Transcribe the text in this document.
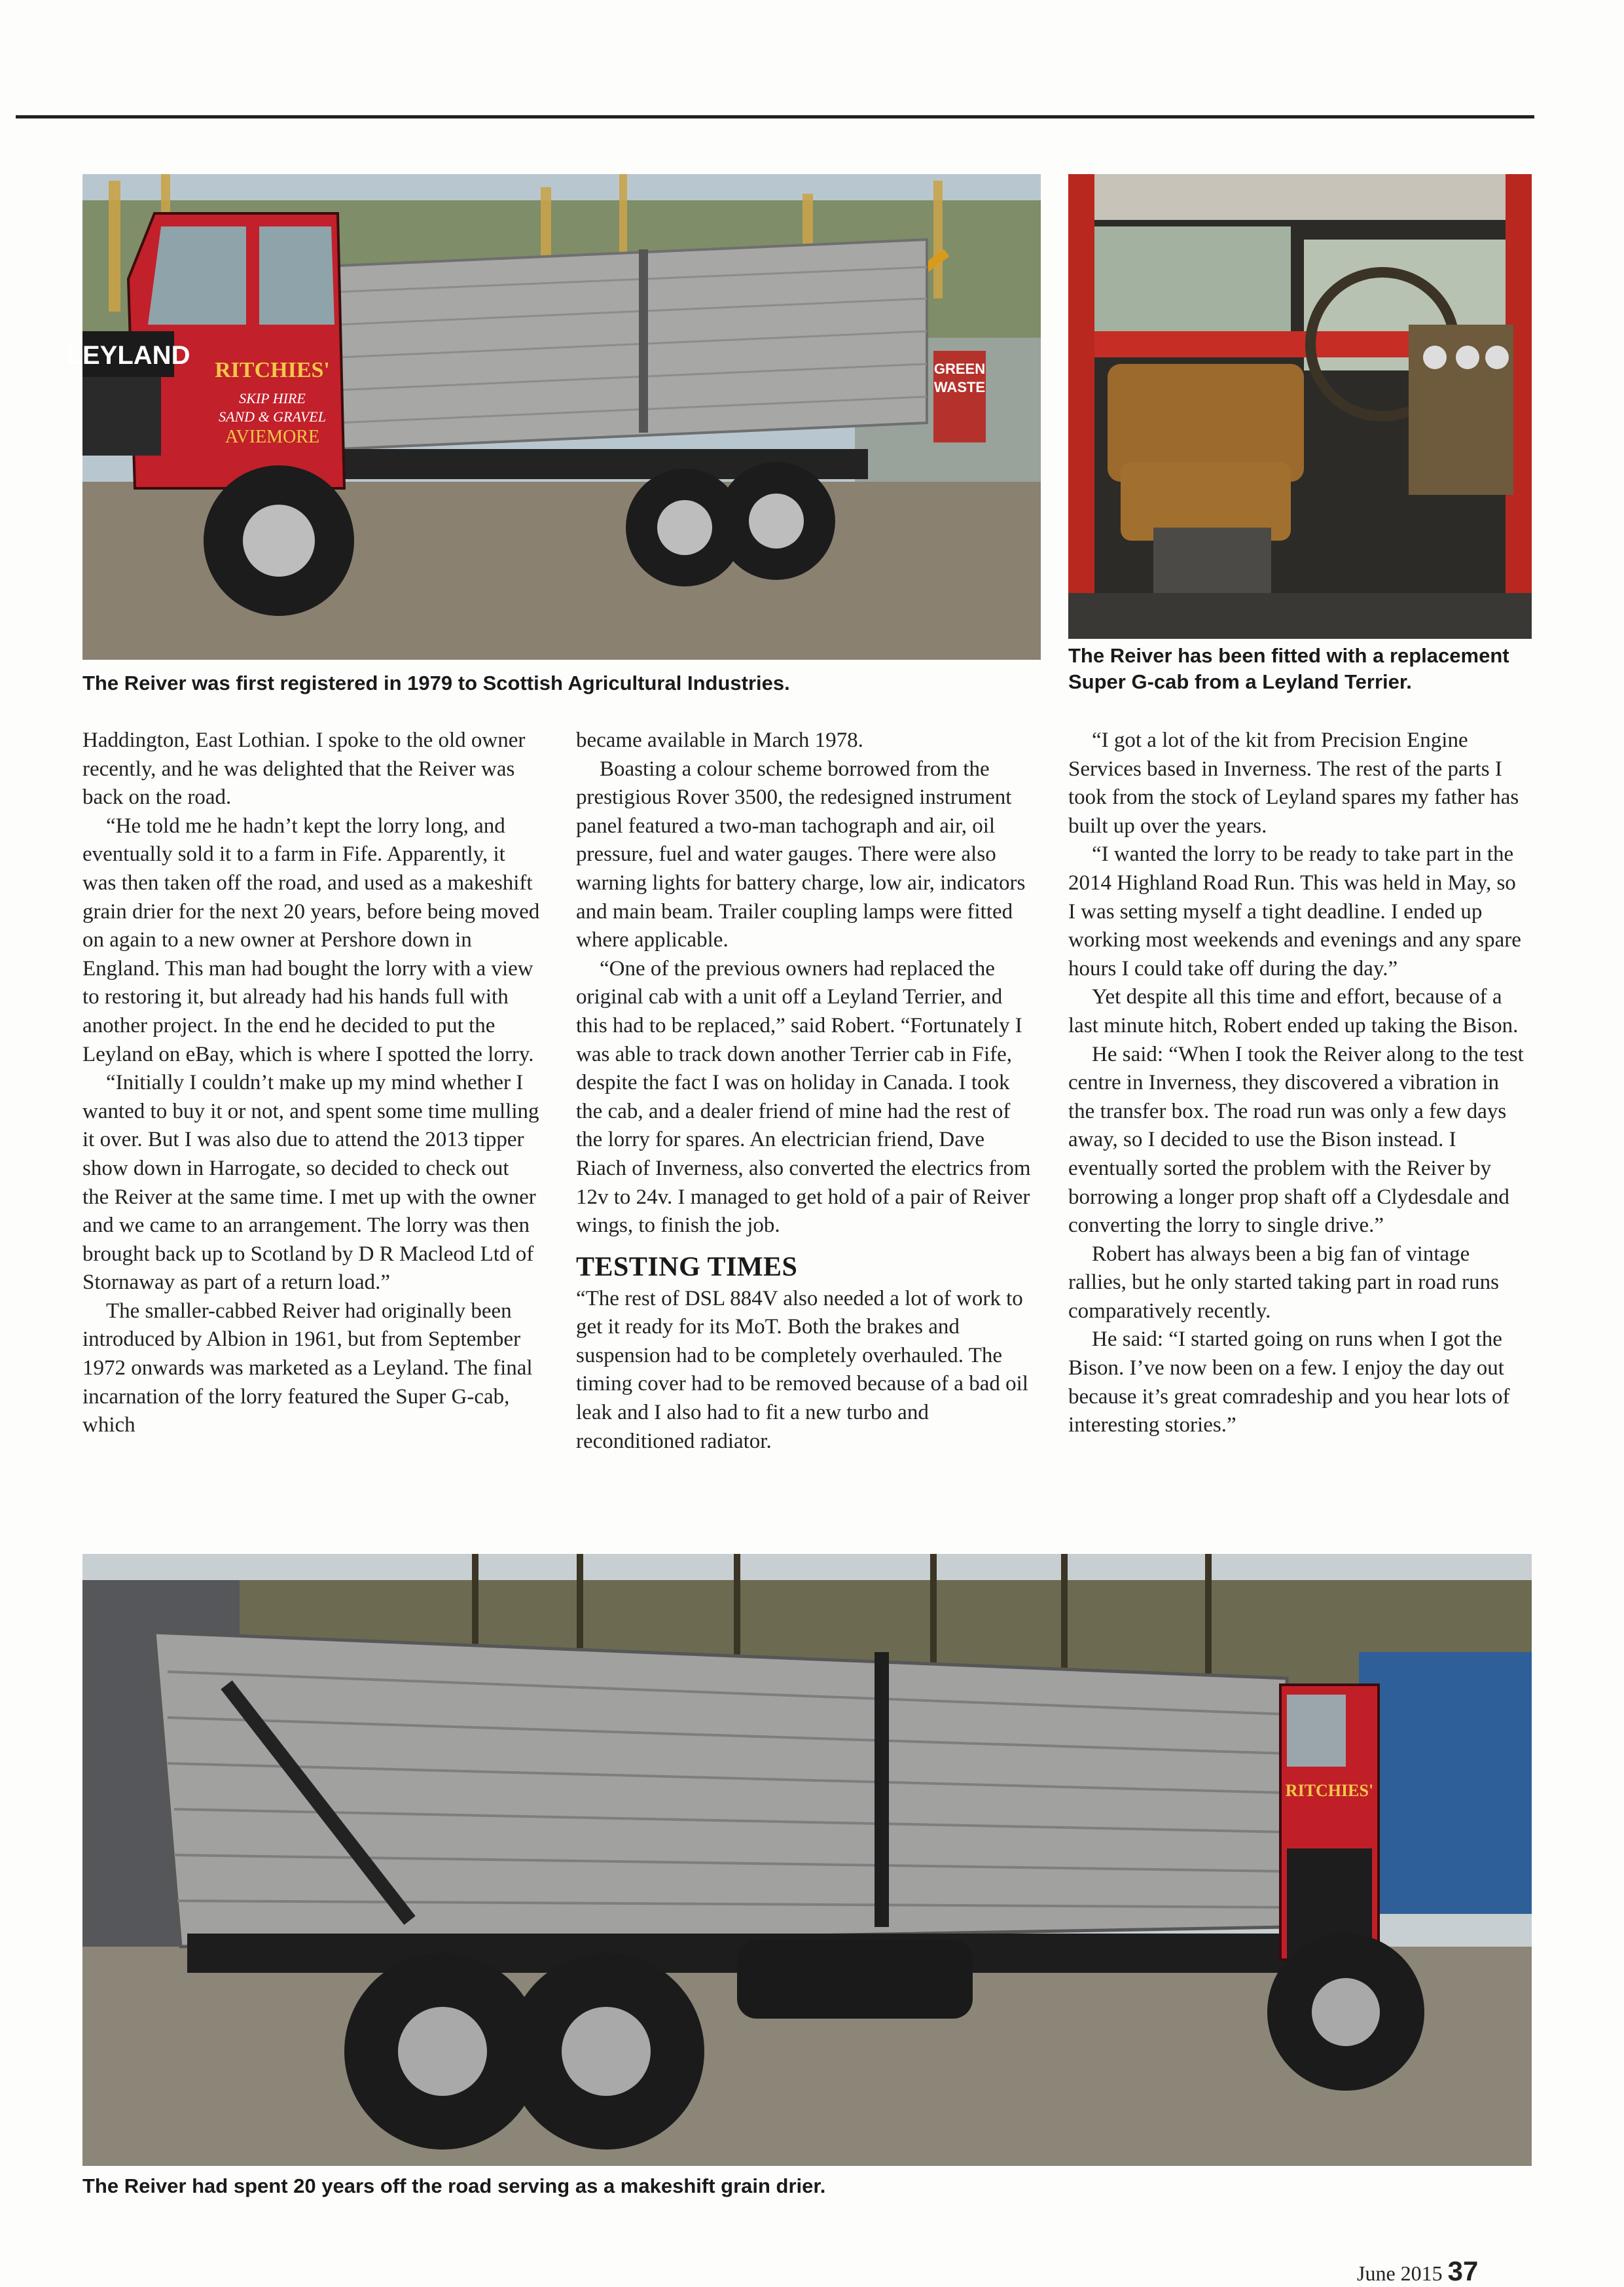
GREEN
WASTE
LEYLAND
RITCHIES'
SKIP HIRE
SAND & GRAVEL
AVIEMORE

The Reiver was first registered in 1979 to Scottish Agricultural Industries.

The Reiver has been fitted with a replacement
Super G-cab from a Leyland Terrier.

Haddington, East Lothian. I spoke to the old owner recently, and he was delighted that the Reiver was back on the road.

“He told me he hadn’t kept the lorry long, and eventually sold it to a farm in Fife. Apparently, it was then taken off the road, and used as a makeshift grain drier for the next 20 years, before being moved on again to a new owner at Pershore down in England. This man had bought the lorry with a view to restoring it, but already had his hands full with another project. In the end he decided to put the Leyland on eBay, which is where I spotted the lorry.

“Initially I couldn’t make up my mind whether I wanted to buy it or not, and spent some time mulling it over. But I was also due to attend the 2013 tipper show down in Harrogate, so decided to check out the Reiver at the same time. I met up with the owner and we came to an arrangement. The lorry was then brought back up to Scotland by D R Macleod Ltd of Stornaway as part of a return load.”

The smaller-cabbed Reiver had originally been introduced by Albion in 1961, but from September 1972 onwards was marketed as a Leyland. The final incarnation of the lorry featured the Super G-cab, which

became available in March 1978.

Boasting a colour scheme borrowed from the prestigious Rover 3500, the redesigned instrument panel featured a two-man tachograph and air, oil pressure, fuel and water gauges. There were also warning lights for battery charge, low air, indicators and main beam. Trailer coupling lamps were fitted where applicable.

“One of the previous owners had replaced the original cab with a unit off a Leyland Terrier, and this had to be replaced,” said Robert. “Fortunately I was able to track down another Terrier cab in Fife, despite the fact I was on holiday in Canada. I took the cab, and a dealer friend of mine had the rest of the lorry for spares. An electrician friend, Dave Riach of Inverness, also converted the electrics from 12v to 24v. I managed to get hold of a pair of Reiver wings, to finish the job.

TESTING TIMES

“The rest of DSL 884V also needed a lot of work to get it ready for its MoT. Both the brakes and suspension had to be completely overhauled. The timing cover had to be removed because of a bad oil leak and I also had to fit a new turbo and reconditioned radiator.

“I got a lot of the kit from Precision Engine Services based in Inverness. The rest of the parts I took from the stock of Leyland spares my father has built up over the years.

“I wanted the lorry to be ready to take part in the 2014 Highland Road Run. This was held in May, so I was setting myself a tight deadline. I ended up working most weekends and evenings and any spare hours I could take off during the day.”

Yet despite all this time and effort, because of a last minute hitch, Robert ended up taking the Bison.

He said: “When I took the Reiver along to the test centre in Inverness, they discovered a vibration in the transfer box. The road run was only a few days away, so I decided to use the Bison instead. I eventually sorted the problem with the Reiver by borrowing a longer prop shaft off a Clydesdale and converting the lorry to single drive.”

Robert has always been a big fan of vintage rallies, but he only started taking part in road runs comparatively recently.

He said: “I started going on runs when I got the Bison. I’ve now been on a few. I enjoy the day out because it’s great comradeship and you hear lots of interesting stories.”

RITCHIES'

The Reiver had spent 20 years off the road serving as a makeshift grain drier.

June 2015 37
